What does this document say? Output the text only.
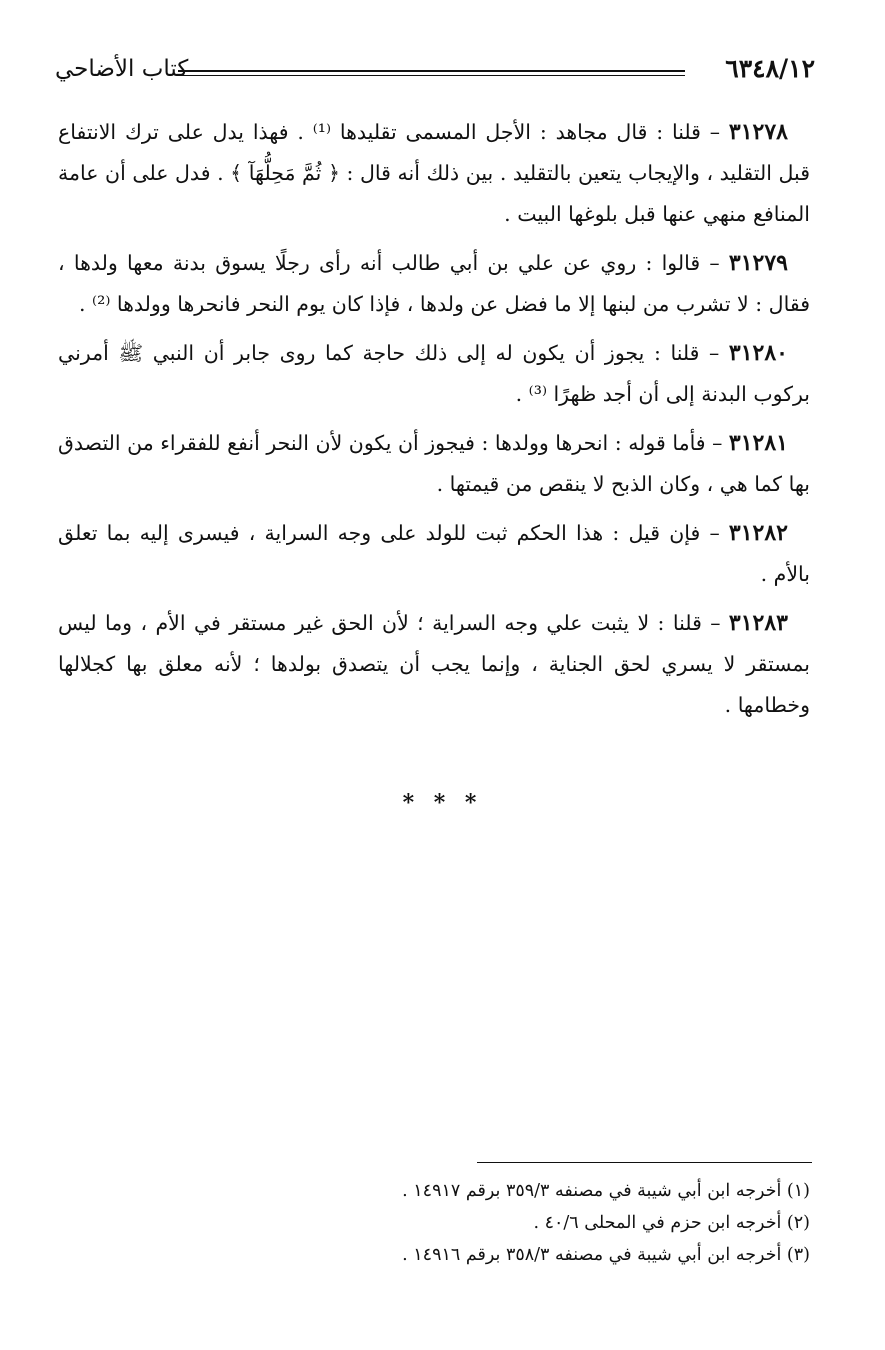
كتاب الأضاحي	٦٣٤٨/١٢

٣١٢٧٨ – قلنا : قال مجاهد : الأجل المسمى تقليدها ⁽¹⁾ . فهذا يدل على ترك الانتفاع قبل التقليد ، والإيجاب يتعين بالتقليد . بين ذلك أنه قال : ﴿ ثُمَّ مَحِلُّهَآ ﴾ . فدل على أن عامة المنافع منهي عنها قبل بلوغها البيت .

٣١٢٧٩ – قالوا : روي عن علي بن أبي طالب أنه رأى رجلًا يسوق بدنة معها ولدها ، فقال : لا تشرب من لبنها إلا ما فضل عن ولدها ، فإذا كان يوم النحر فانحرها وولدها ⁽²⁾ .

٣١٢٨٠ – قلنا : يجوز أن يكون له إلى ذلك حاجة كما روى جابر أن النبي ﷺ أمرني بركوب البدنة إلى أن أجد ظهرًا ⁽³⁾ .

٣١٢٨١ – فأما قوله : انحرها وولدها : فيجوز أن يكون لأن النحر أنفع للفقراء من التصدق بها كما هي ، وكان الذبح لا ينقص من قيمتها .

٣١٢٨٢ – فإن قيل : هذا الحكم ثبت للولد على وجه السراية ، فيسرى إليه بما تعلق بالأم .

٣١٢٨٣ – قلنا : لا يثبت علي وجه السراية ؛ لأن الحق غير مستقر في الأم ، وما ليس بمستقر لا يسري لحق الجناية ، وإنما يجب أن يتصدق بولدها ؛ لأنه معلق بها كجلالها وخطامها .

* * *

(١) أخرجه ابن أبي شيبة في مصنفه ٣٥٩/٣ برقم ١٤٩١٧ .

(٢) أخرجه ابن حزم في المحلى ٤٠/٦ .

(٣) أخرجه ابن أبي شيبة في مصنفه ٣٥٨/٣ برقم ١٤٩١٦ .
